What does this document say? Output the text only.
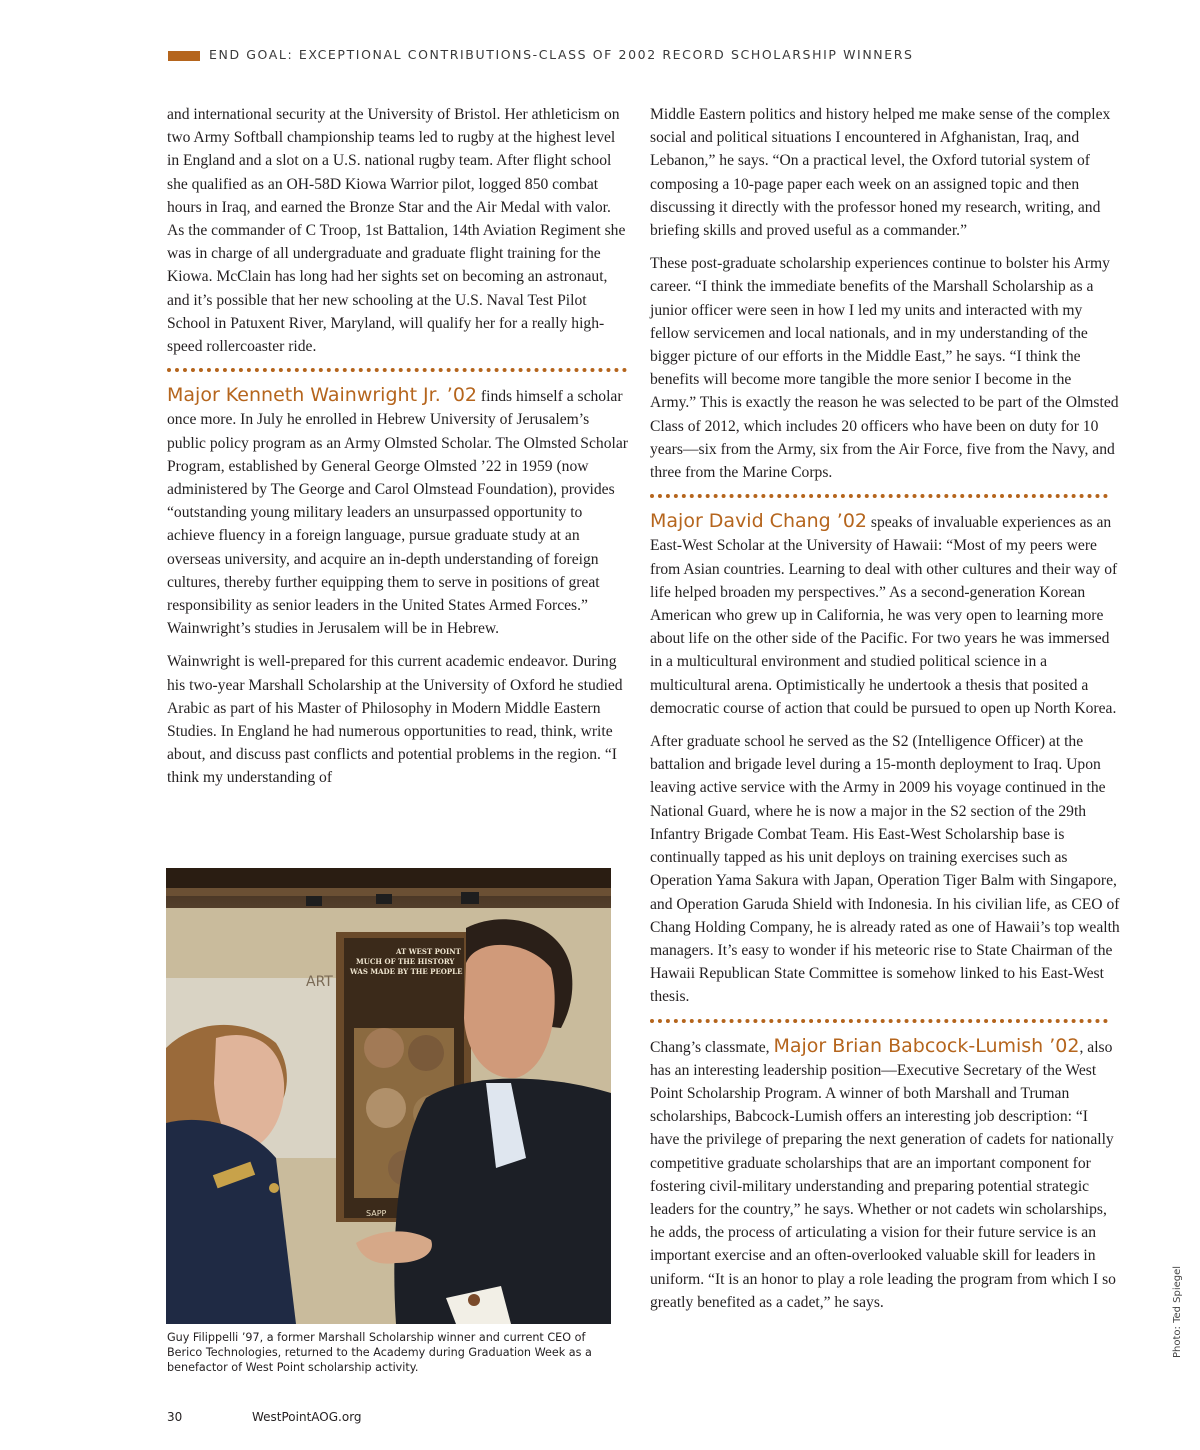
END GOAL: EXCEPTIONAL CONTRIBUTIONS-CLASS OF 2002 RECORD SCHOLARSHIP WINNERS

and international security at the University of Bristol. Her athleticism on two Army Softball championship teams led to rugby at the highest level in England and a slot on a U.S. national rugby team. After flight school she qualified as an OH-58D Kiowa Warrior pilot, logged 850 combat hours in Iraq, and earned the Bronze Star and the Air Medal with valor. As the commander of C Troop, 1st Battalion, 14th Aviation Regiment she was in charge of all undergraduate and graduate flight training for the Kiowa. McClain has long had her sights set on becoming an astronaut, and it’s possible that her new schooling at the U.S. Naval Test Pilot School in Patuxent River, Maryland, will qualify her for a really high-speed rollercoaster ride.

Major Kenneth Wainwright Jr. ’02 finds himself a scholar once more. In July he enrolled in Hebrew University of Jerusalem’s public policy program as an Army Olmsted Scholar. The Olmsted Scholar Program, established by General George Olmsted ’22 in 1959 (now administered by The George and Carol Olmstead Foundation), provides “outstanding young military leaders an unsurpassed opportunity to achieve fluency in a foreign language, pursue graduate study at an overseas university, and acquire an in-depth understanding of foreign cultures, thereby further equipping them to serve in positions of great responsibility as senior leaders in the United States Armed Forces.” Wainwright’s studies in Jerusalem will be in Hebrew.

Wainwright is well-prepared for this current academic endeavor. During his two-year Marshall Scholarship at the University of Oxford he studied Arabic as part of his Master of Philosophy in Modern Middle Eastern Studies. In England he had numerous opportunities to read, think, write about, and discuss past conflicts and potential problems in the region. “I think my understanding of

ART
AT WEST POINT MUCH OF THE HISTORY WAS MADE BY THE PEOPLE
SAPP
Guy Filippelli ’97, a former Marshall Scholarship winner and current CEO of Berico Technologies, returned to the Academy during Graduation Week as a benefactor of West Point scholarship activity.

Middle Eastern politics and history helped me make sense of the complex social and political situations I encountered in Afghanistan, Iraq, and Lebanon,” he says. “On a practical level, the Oxford tutorial system of composing a 10-page paper each week on an assigned topic and then discussing it directly with the professor honed my research, writing, and briefing skills and proved useful as a commander.”

These post-graduate scholarship experiences continue to bolster his Army career. “I think the immediate benefits of the Marshall Scholarship as a junior officer were seen in how I led my units and interacted with my fellow servicemen and local nationals, and in my understanding of the bigger picture of our efforts in the Middle East,” he says. “I think the benefits will become more tangible the more senior I become in the Army.” This is exactly the reason he was selected to be part of the Olmsted Class of 2012, which includes 20 officers who have been on duty for 10 years—six from the Army, six from the Air Force, five from the Navy, and three from the Marine Corps.

Major David Chang ’02 speaks of invaluable experiences as an East-West Scholar at the University of Hawaii: “Most of my peers were from Asian countries. Learning to deal with other cultures and their way of life helped broaden my perspectives.” As a second-generation Korean American who grew up in California, he was very open to learning more about life on the other side of the Pacific. For two years he was immersed in a multicultural environment and studied political science in a multicultural arena. Optimistically he undertook a thesis that posited a democratic course of action that could be pursued to open up North Korea.

After graduate school he served as the S2 (Intelligence Officer) at the battalion and brigade level during a 15-month deployment to Iraq. Upon leaving active service with the Army in 2009 his voyage continued in the National Guard, where he is now a major in the S2 section of the 29th Infantry Brigade Combat Team. His East-West Scholarship base is continually tapped as his unit deploys on training exercises such as Operation Yama Sakura with Japan, Operation Tiger Balm with Singapore, and Operation Garuda Shield with Indonesia. In his civilian life, as CEO of Chang Holding Company, he is already rated as one of Hawaii’s top wealth managers. It’s easy to wonder if his meteoric rise to State Chairman of the Hawaii Republican State Committee is somehow linked to his East-West thesis.

Chang’s classmate, Major Brian Babcock-Lumish ’02, also has an interesting leadership position—Executive Secretary of the West Point Scholarship Program. A winner of both Marshall and Truman scholarships, Babcock-Lumish offers an interesting job description: “I have the privilege of preparing the next generation of cadets for nationally competitive graduate scholarships that are an important component for fostering civil-military understanding and preparing potential strategic leaders for the country,” he says. Whether or not cadets win scholarships, he adds, the process of articulating a vision for their future service is an important exercise and an often-overlooked valuable skill for leaders in uniform. “It is an honor to play a role leading the program from which I so greatly benefited as a cadet,” he says.

30	WestPointAOG.org
Photo: Ted Spiegel
